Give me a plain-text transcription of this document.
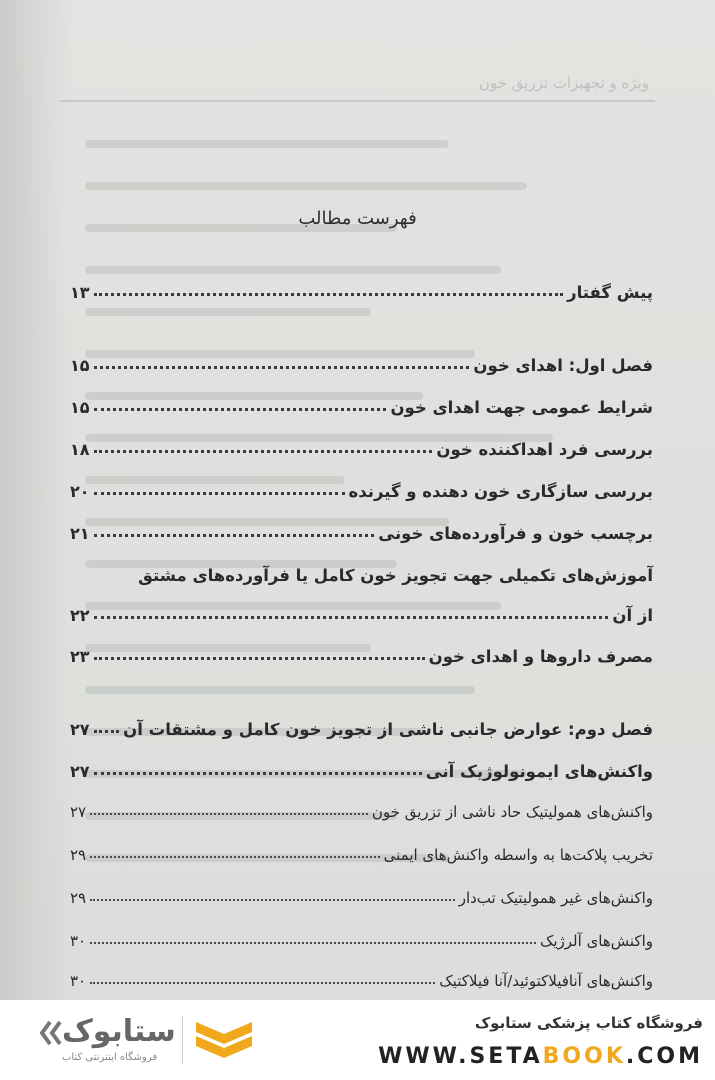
ویژه و تجهیزات تزریق خون
فهرست مطالب
پیش گفتار
۱۳
فصل اول: اهدای خون
۱۵
شرایط عمومی جهت اهدای خون
۱۵
بررسی فرد اهداکننده خون
۱۸
بررسی سازگاری خون دهنده و گیرنده
۲۰
برچسب خون و فرآورده‌های خونی
۲۱
آموزش‌های تکمیلی جهت تجویز خون کامل یا فرآورده‌های مشتق
از آن
۲۲
مصرف داروها و اهدای خون
۲۳
فصل دوم: عوارض جانبی ناشی از تجویز خون کامل و مشتقات آن
۲۷
واکنش‌های ایمونولوژیک آنی
۲۷
واکنش‌های همولیتیک حاد ناشی از تزریق خون
۲۷
تخریب پلاکت‌ها به واسطه واکنش‌های ایمنی
۲۹
واکنش‌های غیر همولیتیک تب‌دار
۲۹
واکنش‌های آلرژیک
۳۰
واکنش‌های آنافیلاکتوئید/آنا فیلاکتیک
۳۰
ستابوک
فروشگاه اینترنتی کتاب
فروشگاه کتاب پزشکی ستابوک
WWW.SETABOOK.COM
